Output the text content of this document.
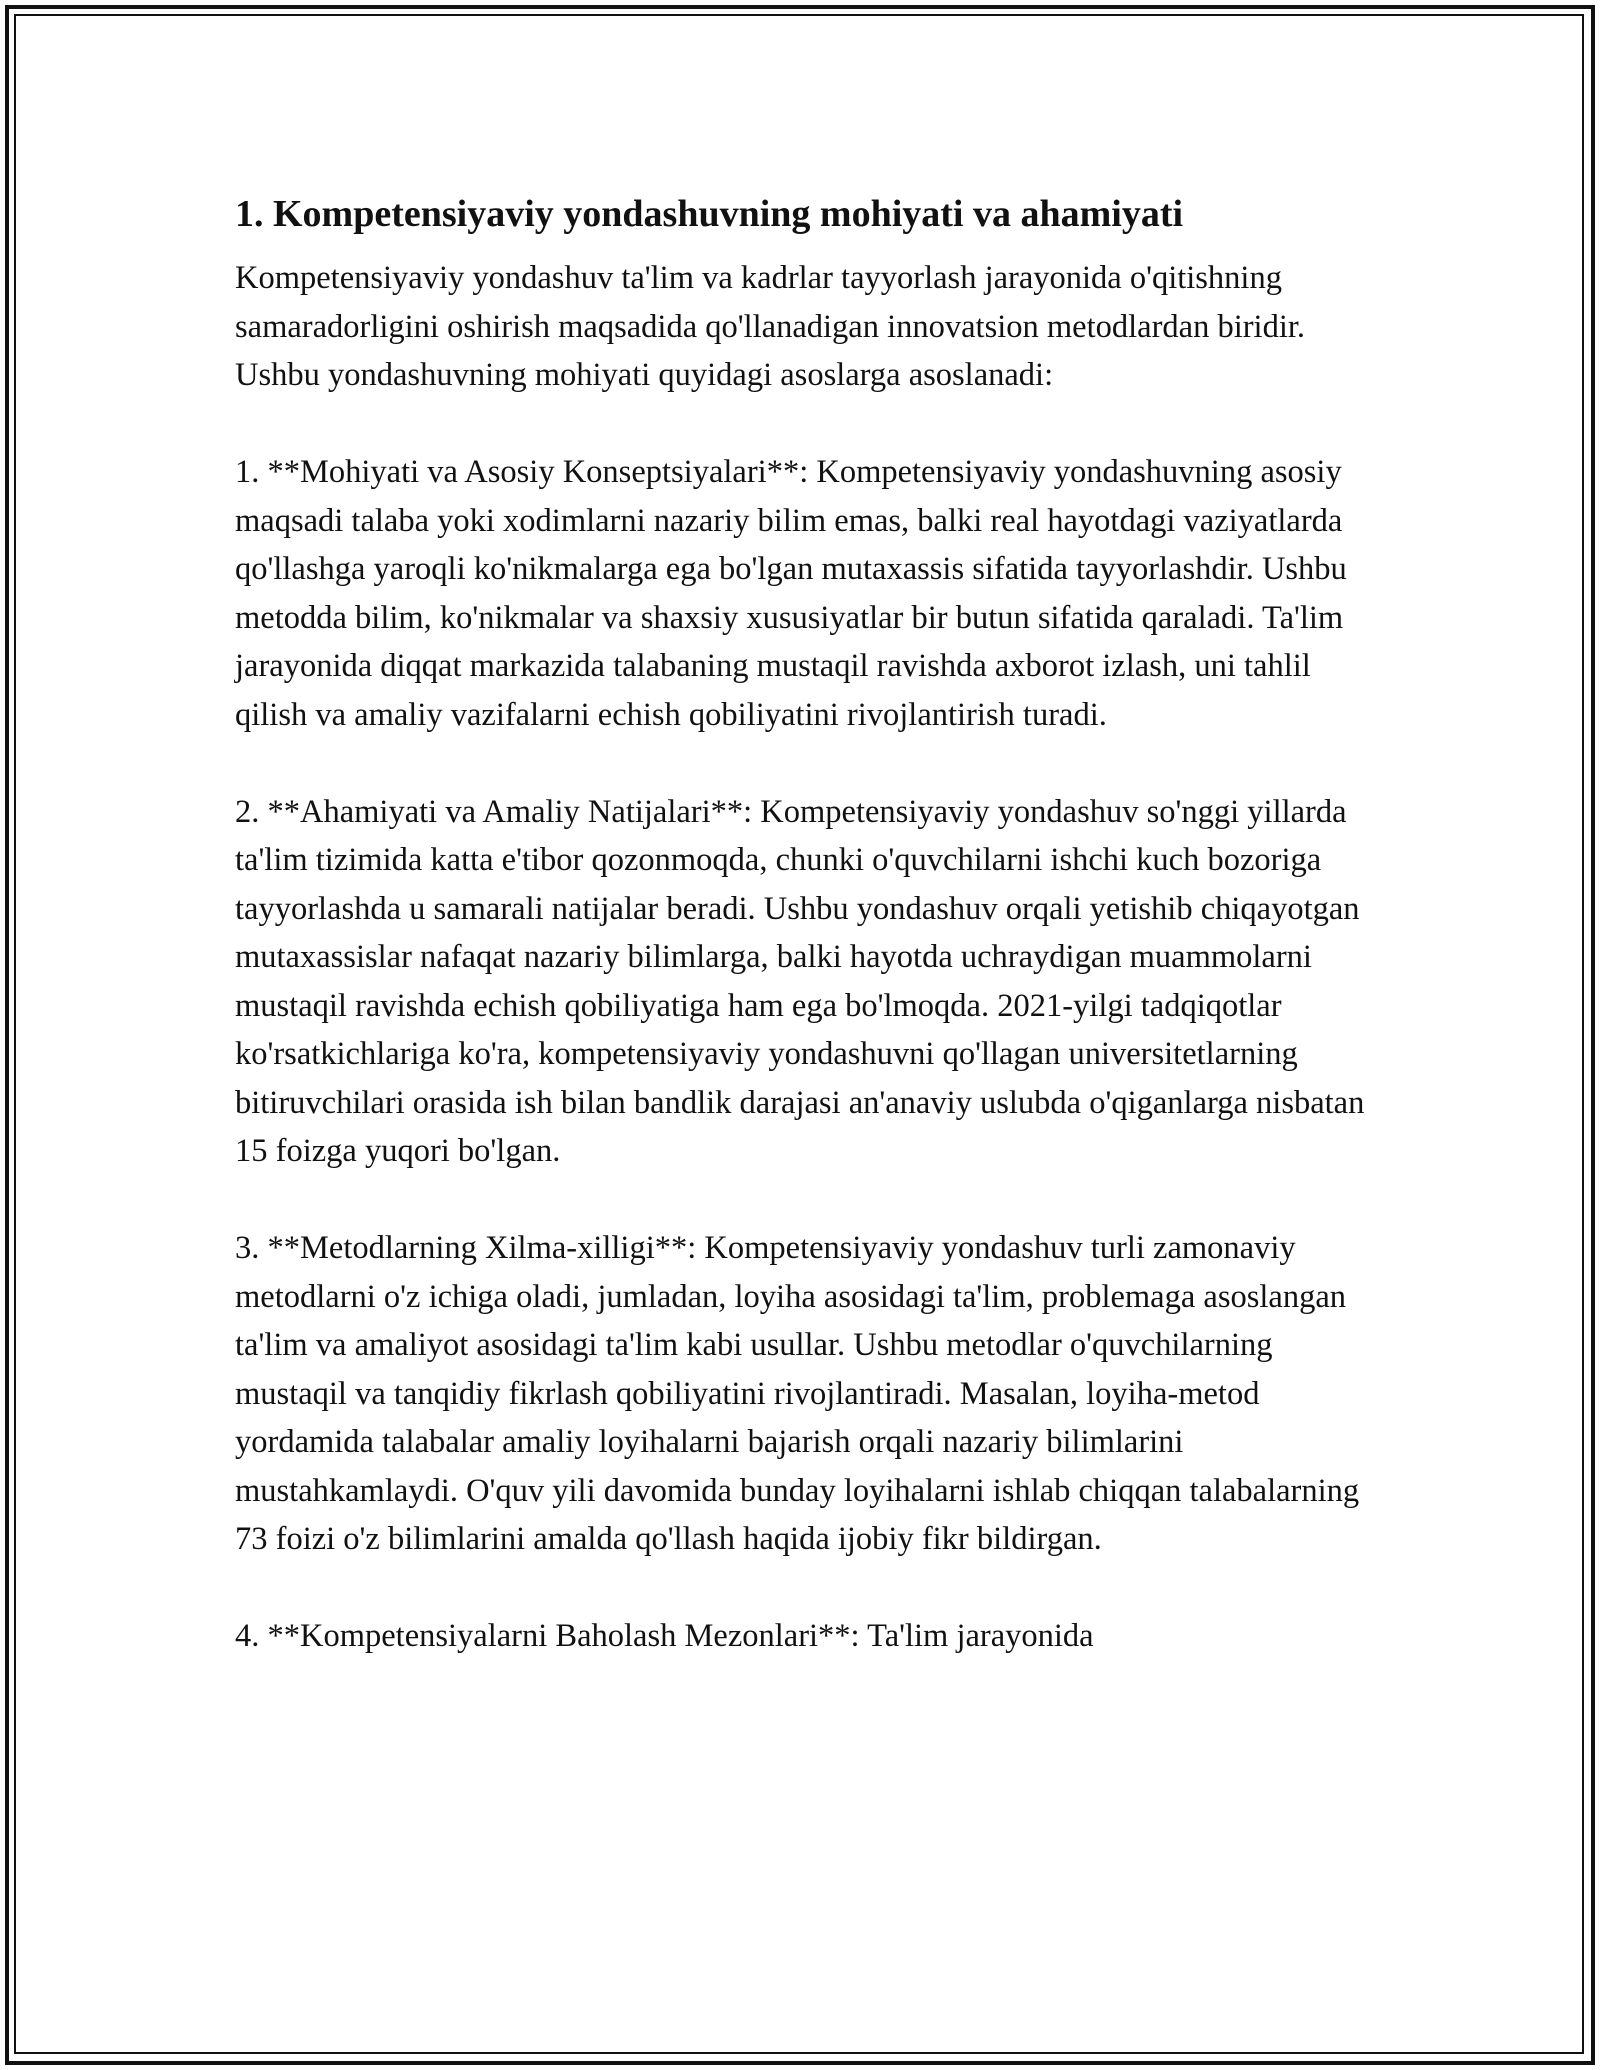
1. Kompetensiyaviy yondashuvning mohiyati va ahamiyati

Kompetensiyaviy yondashuv ta'lim va kadrlar tayyorlash jarayonida o'qitishning samaradorligini oshirish maqsadida qo'llanadigan innovatsion metodlardan biridir. Ushbu yondashuvning mohiyati quyidagi asoslarga asoslanadi:

1. **Mohiyati va Asosiy Konseptsiyalari**: Kompetensiyaviy yondashuvning asosiy maqsadi talaba yoki xodimlarni nazariy bilim emas, balki real hayotdagi vaziyatlarda qo'llashga yaroqli ko'nikmalarga ega bo'lgan mutaxassis sifatida tayyorlashdir. Ushbu metodda bilim, ko'nikmalar va shaxsiy xususiyatlar bir butun sifatida qaraladi. Ta'lim jarayonida diqqat markazida talabaning mustaqil ravishda axborot izlash, uni tahlil qilish va amaliy vazifalarni echish qobiliyatini rivojlantirish turadi.

2. **Ahamiyati va Amaliy Natijalari**: Kompetensiyaviy yondashuv so'nggi yillarda ta'lim tizimida katta e'tibor qozonmoqda, chunki o'quvchilarni ishchi kuch bozoriga tayyorlashda u samarali natijalar beradi. Ushbu yondashuv orqali yetishib chiqayotgan mutaxassislar nafaqat nazariy bilimlarga, balki hayotda uchraydigan muammolarni mustaqil ravishda echish qobiliyatiga ham ega bo'lmoqda. 2021-yilgi tadqiqotlar ko'rsatkichlariga ko'ra, kompetensiyaviy yondashuvni qo'llagan universitetlarning bitiruvchilari orasida ish bilan bandlik darajasi an'anaviy uslubda o'qiganlarga nisbatan 15 foizga yuqori bo'lgan.

3. **Metodlarning Xilma-xilligi**: Kompetensiyaviy yondashuv turli zamonaviy metodlarni o'z ichiga oladi, jumladan, loyiha asosidagi ta'lim, problemaga asoslangan ta'lim va amaliyot asosidagi ta'lim kabi usullar. Ushbu metodlar o'quvchilarning mustaqil va tanqidiy fikrlash qobiliyatini rivojlantiradi. Masalan, loyiha-metod yordamida talabalar amaliy loyihalarni bajarish orqali nazariy bilimlarini mustahkamlaydi. O'quv yili davomida bunday loyihalarni ishlab chiqqan talabalarning 73 foizi o'z bilimlarini amalda qo'llash haqida ijobiy fikr bildirgan.

4. **Kompetensiyalarni Baholash Mezonlari**: Ta'lim jarayonida
